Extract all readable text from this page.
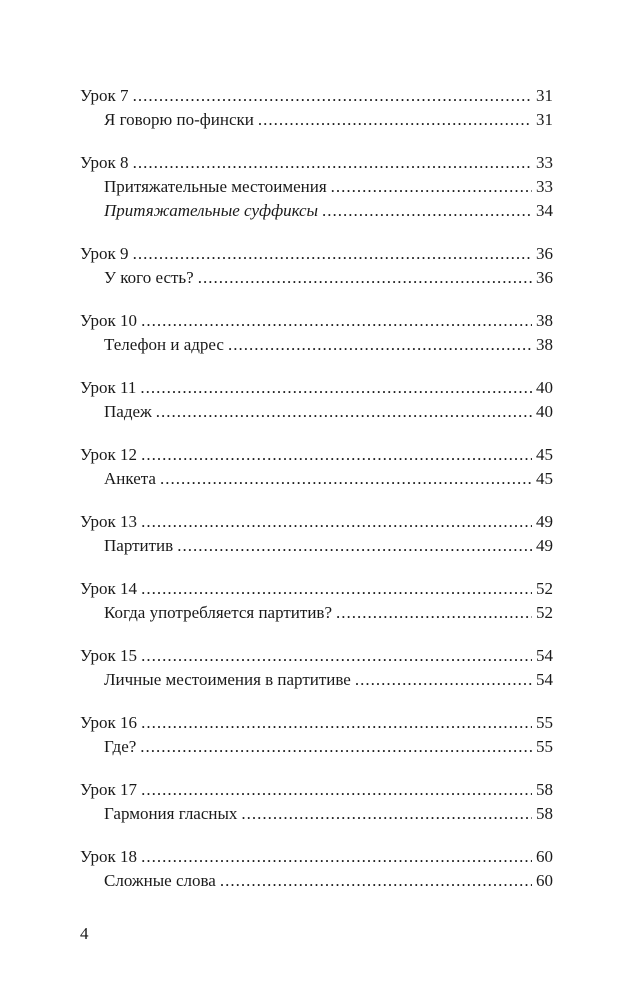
Урок 7 .....	31
Я говорю по-фински .....	31
Урок 8 .....	33
Притяжательные местоимения .....	33
Притяжательные суффиксы .....	34
Урок 9 .....	36
У кого есть? .....	36
Урок 10 .....	38
Телефон и адрес .....	38
Урок 11 .....	40
Падеж .....	40
Урок 12 .....	45
Анкета .....	45
Урок 13 .....	49
Партитив .....	49
Урок 14 .....	52
Когда употребляется партитив? .....	52
Урок 15 .....	54
Личные местоимения в партитиве .....	54
Урок 16 .....	55
Где? .....	55
Урок 17 .....	58
Гармония гласных .....	58
Урок 18 .....	60
Сложные слова .....	60
4
